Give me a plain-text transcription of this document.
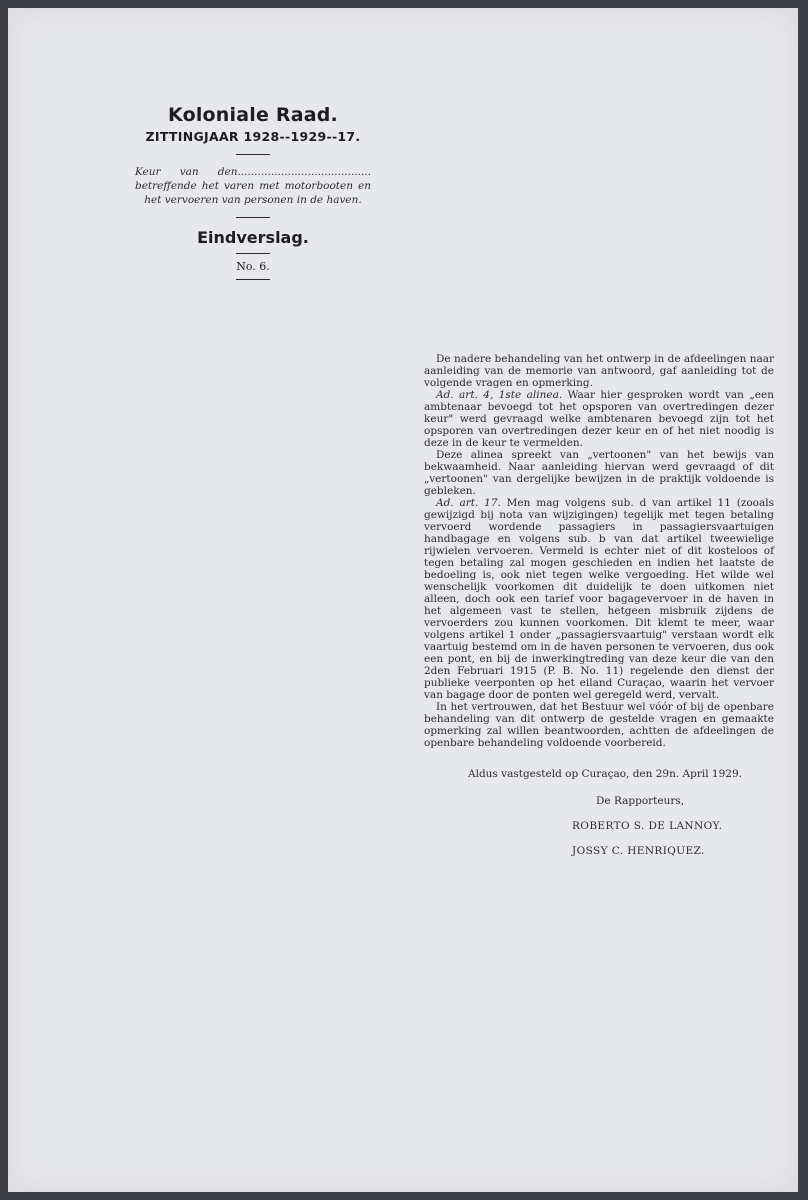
Koloniale Raad.
ZITTINGJAAR 1928--1929--17.
Keur van den........................................ betreffende het varen met motorbooten en het vervoeren van personen in de haven.
Eindverslag.
No. 6.

De nadere behandeling van het ontwerp in de afdeelingen naar aanleiding van de memorie van antwoord, gaf aanleiding tot de volgende vragen en opmerking.

Ad. art. 4, 1ste alinea. Waar hier gesproken wordt van „een ambtenaar bevoegd tot het opsporen van overtredingen dezer keur" werd gevraagd welke ambtenaren bevoegd zijn tot het opsporen van overtredingen dezer keur en of het niet noodig is deze in de keur te vermelden.

Deze alinea spreekt van „vertoonen" van het bewijs van bekwaamheid. Naar aanleiding hiervan werd gevraagd of dit „vertoonen" van dergelijke bewijzen in de praktijk voldoende is gebleken.

Ad. art. 17. Men mag volgens sub. d van artikel 11 (zooals gewijzigd bij nota van wijzigingen) tegelijk met tegen betaling vervoerd wordende passagiers in passagiersvaartuigen handbagage en volgens sub. b van dat artikel tweewielige rijwielen vervoeren. Vermeld is echter niet of dit kosteloos of tegen betaling zal mogen geschieden en indien het laatste de bedoeling is, ook niet tegen welke vergoeding. Het wilde wel wenschelijk voorkomen dit duidelijk te doen uitkomen niet alleen, doch ook een tarief voor bagagevervoer in de haven in het algemeen vast te stellen, hetgeen misbruik zijdens de vervoerders zou kunnen voorkomen. Dit klemt te meer, waar volgens artikel 1 onder „passagiersvaartuig" verstaan wordt elk vaartuig bestemd om in de haven personen te vervoeren, dus ook een pont, en bij de inwerkingtreding van deze keur die van den 2den Februari 1915 (P. B. No. 11) regelende den dienst der publieke veerponten op het eiland Curaçao, waarin het vervoer van bagage door de ponten wel geregeld werd, vervalt.

In het vertrouwen, dat het Bestuur wel vóór of bij de openbare behandeling van dit ontwerp de gestelde vragen en gemaakte opmerking zal willen beantwoorden, achtten de afdeelingen de openbare behandeling voldoende voorbereid.

Aldus vastgesteld op Curaçao, den 29n. April 1929.
De Rapporteurs,
ROBERTO S. DE LANNOY.
JOSSY C. HENRIQUEZ.
